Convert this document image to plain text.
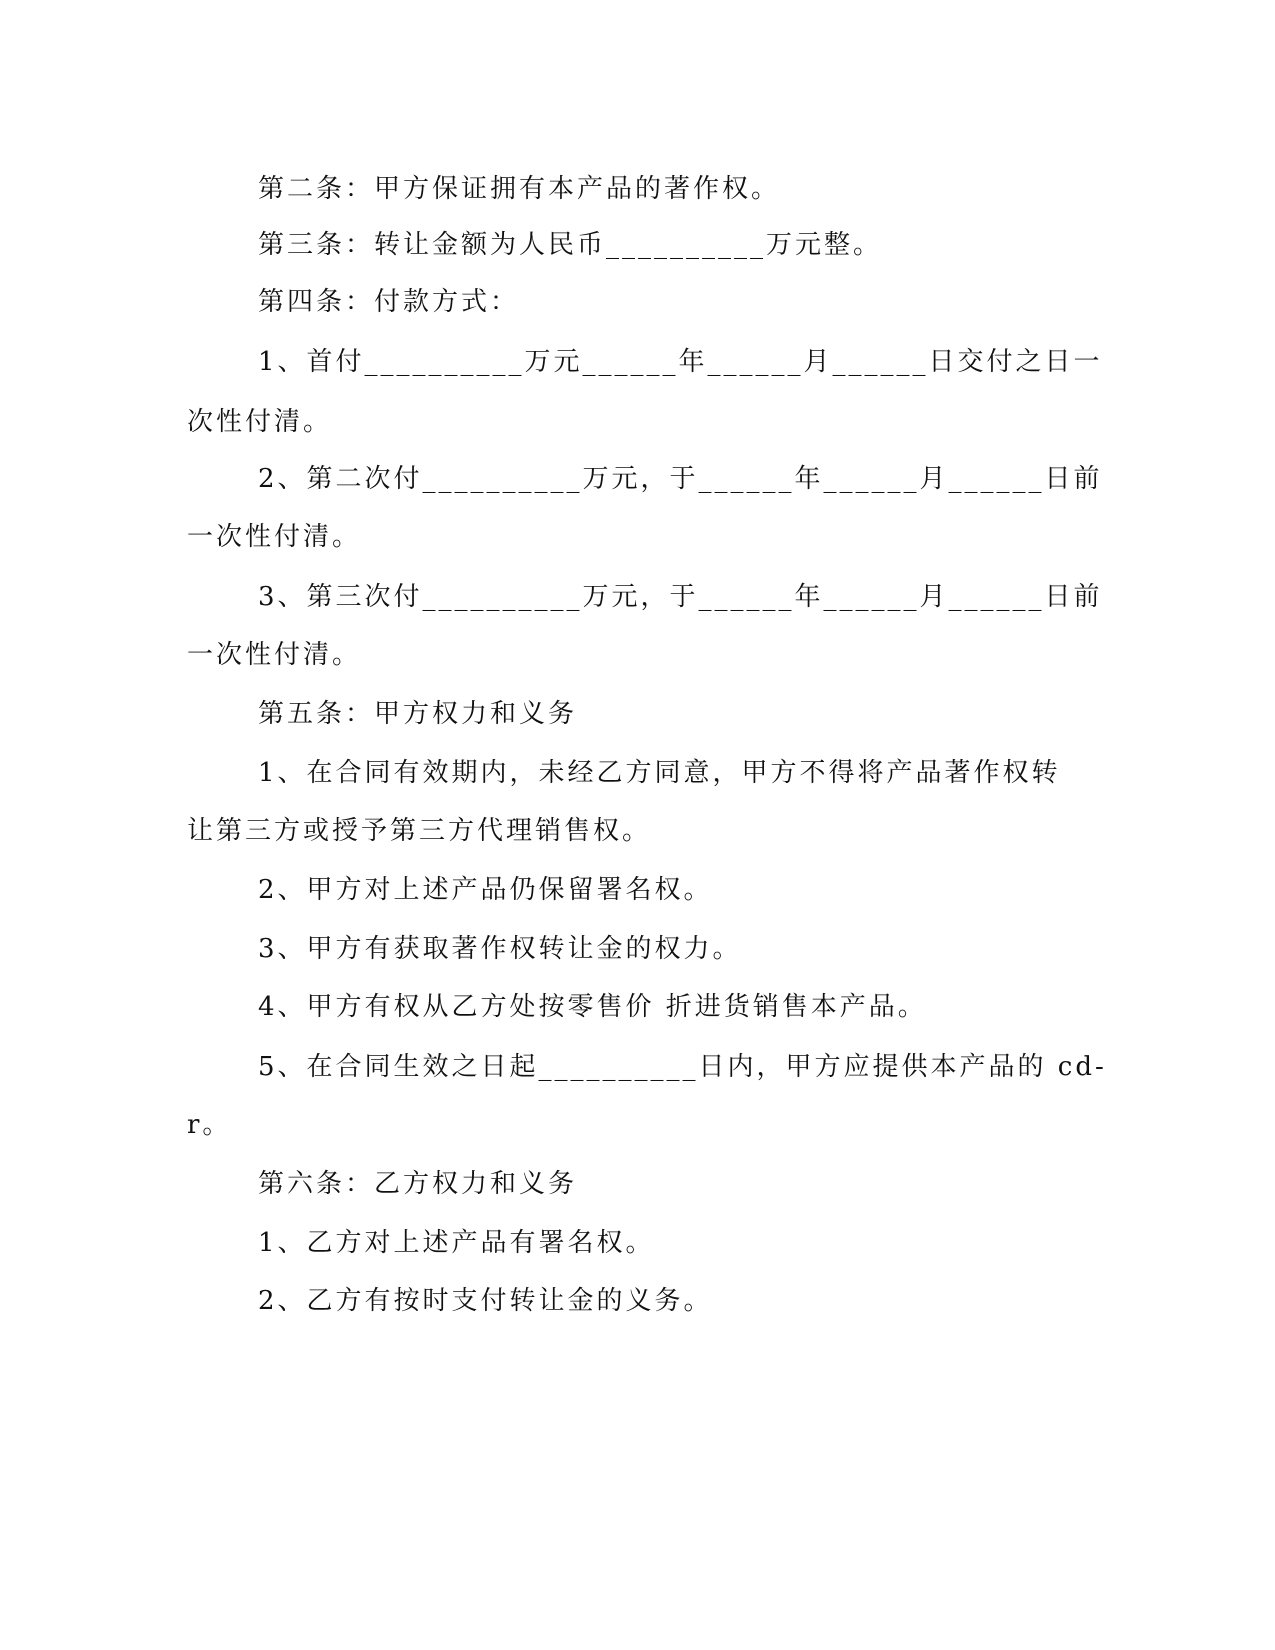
第二条：甲方保证拥有本产品的著作权。

第三条：转让金额为人民币__________万元整。

第四条：付款方式：

1、首付__________万元______年______月______日交付之日一

次性付清。

2、第二次付__________万元，于______年______月______日前

一次性付清。

3、第三次付__________万元，于______年______月______日前

一次性付清。

第五条：甲方权力和义务

1、在合同有效期内，未经乙方同意，甲方不得将产品著作权转

让第三方或授予第三方代理销售权。

2、甲方对上述产品仍保留署名权。

3、甲方有获取著作权转让金的权力。

4、甲方有权从乙方处按零售价 折进货销售本产品。

5、在合同生效之日起__________日内，甲方应提供本产品的 cd-

r。

第六条：乙方权力和义务

1、乙方对上述产品有署名权。

2、乙方有按时支付转让金的义务。
